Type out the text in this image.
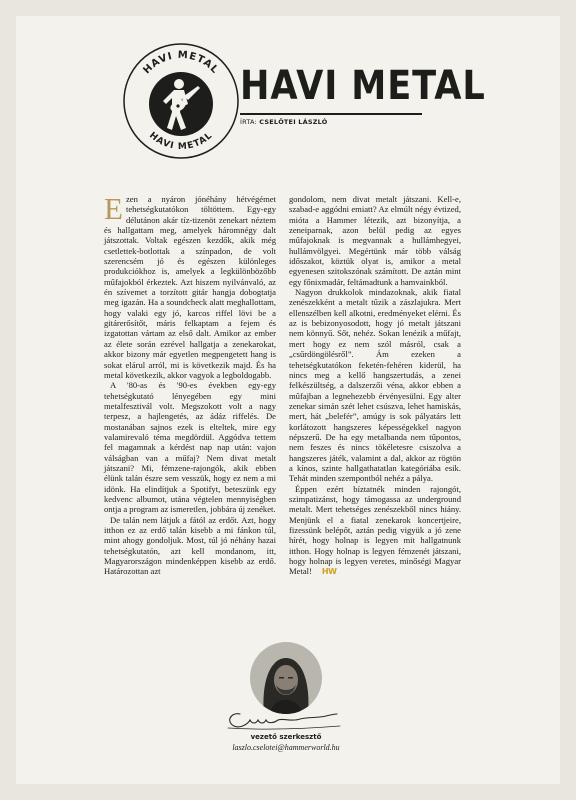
HAVI METAL
HAVI METAL
HAVI METAL
ÍRTA: CSELŐTEI LÁSZLÓ

Ezen a nyáron jónéhány hétvégémet tehetségkutatókon töltöttem. Egy-egy délutánon akár tíz-tizenöt zenekart néztem és hallgattam meg, amelyek háromnégy dalt játszottak. Voltak egészen kezdők, akik még csetlettek-botlottak a színpadon, de volt szerencsém jó és egészen különleges produkciókhoz is, amelyek a legkülönbözőbb műfajokból érkeztek. Azt hiszem nyilvánvaló, az én szívemet a torzított gitár hangja dobogtatja meg igazán. Ha a soundcheck alatt meghallottam, hogy valaki egy jó, karcos riffel lövi be a gitárerősítőt, máris felkaptam a fejem és izgatottan vártam az első dalt. Amikor az ember az élete során ezrével hallgatja a zenekarokat, akkor bizony már egyetlen megpengetett hang is sokat elárul arról, mi is következik majd. És ha metal következik, akkor vagyok a legboldogabb.

A '80-as és '90-es években egy-egy tehetségkutató lényegében egy mini metalfesztivál volt. Megszokott volt a nagy terpesz, a hajlengetés, az ádáz riffelés. De mostanában sajnos ezek is elteltek, mire egy valamirevaló téma megdördül. Aggódva tettem fel magamnak a kérdést nap nap után: vajon válságban van a műfaj? Nem divat metalt játszani? Mi, fémzene-rajongók, akik ebben élünk talán észre sem vesszük, hogy ez nem a mi idönk. Ha elindítjuk a Spotifyt, beteszünk egy kedvenc albumot, utána végtelen mennyiségben ontja a program az ismeretlen, jobbára új zenéket.

De talán nem látjuk a fától az erdőt. Azt, hogy itthon ez az erdő talán kisebb a mi fánkon túl, mint ahogy gondoljuk. Most, túl jó néhány hazai tehetségkutatón, azt kell mondanom, itt, Magyarországon mindenképpen kisebb az erdő. Határozottan azt

gondolom, nem divat metalt játszani. Kell-e, szabad-e aggódni emiatt? Az elmúlt négy évtized, mióta a Hammer létezik, azt bizonyítja, a zeneiparnak, azon belül pedig az egyes műfajoknak is megvannak a hullámhegyei, hullámvölgyei. Megértünk már több válság időszakot, köztük olyat is, amikor a metal egyenesen szitokszónak számított. De aztán mint egy főnixmadár, feltámadtunk a hamvainkból.

Nagyon drukkolok mindazoknak, akik fiatal zenészekként a metalt tűzik a zászlajukra. Mert ellenszélben kell alkotni, eredményeket elérni. És az is bebizonyosodott, hogy jó metalt játszani nem könnyű. Sőt, nehéz. Sokan lenézik a műfajt, mert hogy ez nem szól másról, csak a „csűrdöngölésről”. Ám ezeken a tehetségkutatókon feketén-fehéren kiderül, ha nincs meg a kellő hangszertudás, a zenei felkészültség, a dalszerzői véna, akkor ebben a műfajban a legnehezebb érvényesülni. Egy alter zenekar simán szét lehet csúszva, lehet hamiskás, mert, hát „belefér”, amúgy is sok pályatárs lett korlátozott hangszeres képességekkel nagyon népszerű. De ha egy metalbanda nem tűpontos, nem feszes és nincs tökéletesre csiszolva a hangszeres játék, valamint a dal, akkor az rögtön a kínos, szinte hallgathatatlan kategóriába esik. Tehát minden szempontból nehéz a pálya.

Éppen ezért bíztatnék minden rajongót, szimpatizánst, hogy támogassa az underground metalt. Mert tehetséges zenészekből nincs hiány. Menjünk el a fiatal zenekarok koncertjeire, fizessünk belépőt, aztán pedig vigyük a jó zene hírét, hogy holnap is legyen mit hallgatnunk itthon. Hogy holnap is legyen fémzenét játszani, hogy holnap is legyen veretes, minőségi Magyar Metal! HW

vezető szerkesztő
laszlo.cselotei@hammerworld.hu
